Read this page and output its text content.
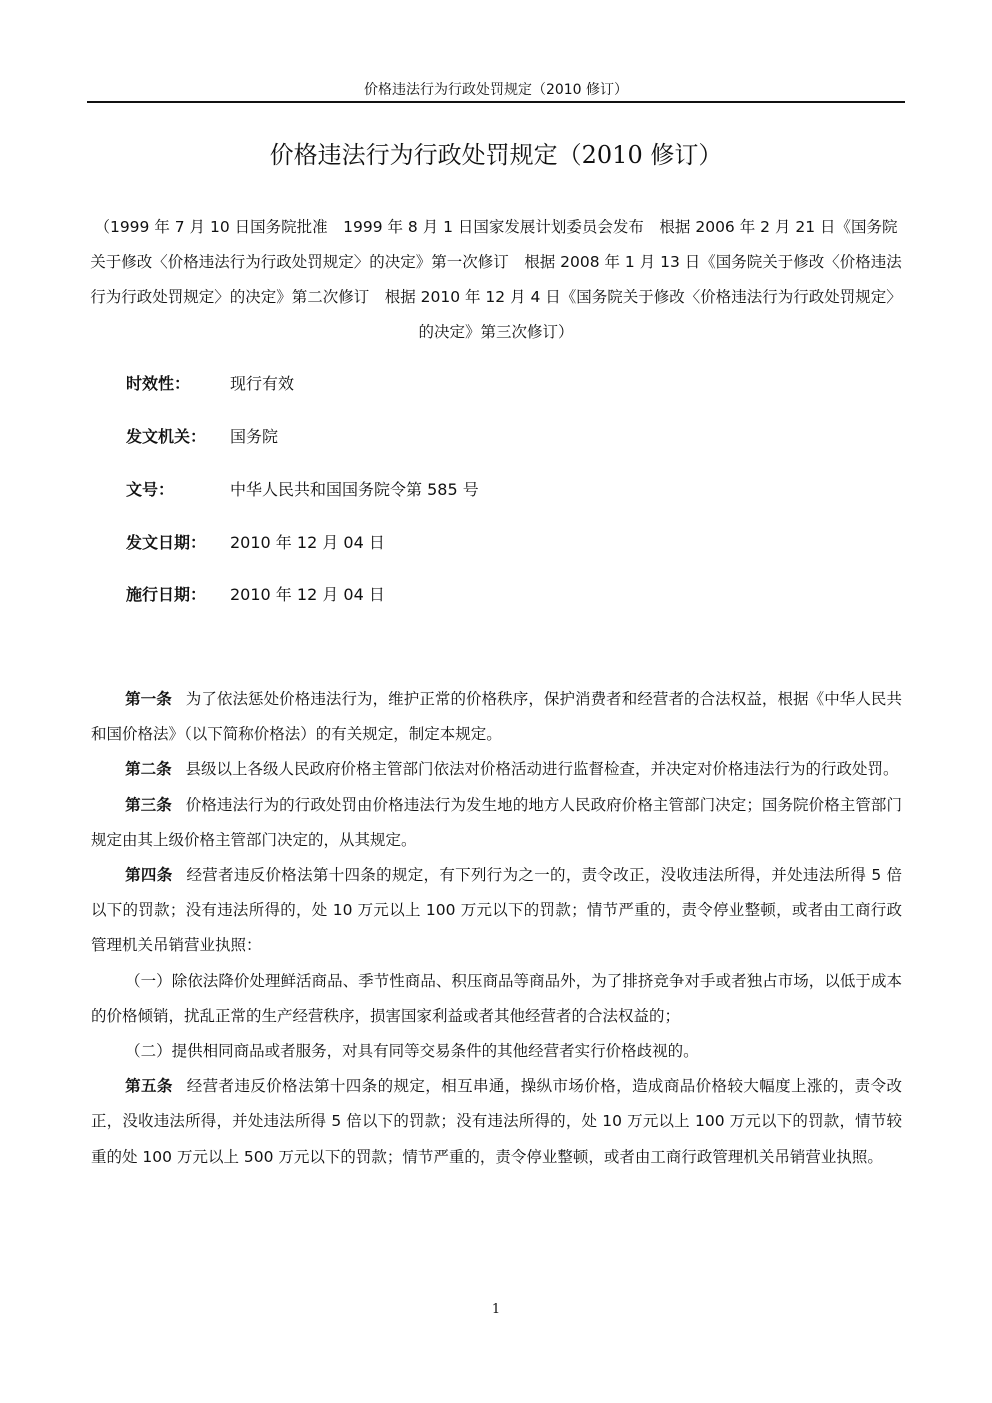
价格违法行为行政处罚规定（2010 修订）
价格违法行为行政处罚规定（2010 修订）
（1999 年 7 月 10 日国务院批准　1999 年 8 月 1 日国家发展计划委员会发布　根据 2006 年 2 月 21 日《国务院关于修改〈价格违法行为行政处罚规定〉的决定》第一次修订　根据 2008 年 1 月 13 日《国务院关于修改〈价格违法行为行政处罚规定〉的决定》第二次修订　根据 2010 年 12 月 4 日《国务院关于修改〈价格违法行为行政处罚规定〉的决定》第三次修订）
时效性： 现行有效
发文机关： 国务院
文号：	中华人民共和国国务院令第 585 号
发文日期： 2010 年 12 月 04 日
施行日期： 2010 年 12 月 04 日

第一条 为了依法惩处价格违法行为，维护正常的价格秩序，保护消费者和经营者的合法权益，根据《中华人民共和国价格法》（以下简称价格法）的有关规定，制定本规定。

第二条 县级以上各级人民政府价格主管部门依法对价格活动进行监督检查，并决定对价格违法行为的行政处罚。

第三条 价格违法行为的行政处罚由价格违法行为发生地的地方人民政府价格主管部门决定；国务院价格主管部门规定由其上级价格主管部门决定的，从其规定。

第四条 经营者违反价格法第十四条的规定，有下列行为之一的，责令改正，没收违法所得，并处违法所得 5 倍以下的罚款；没有违法所得的，处 10 万元以上 100 万元以下的罚款；情节严重的，责令停业整顿，或者由工商行政管理机关吊销营业执照：

（一）除依法降价处理鲜活商品、季节性商品、积压商品等商品外，为了排挤竞争对手或者独占市场，以低于成本的价格倾销，扰乱正常的生产经营秩序，损害国家利益或者其他经营者的合法权益的；

（二）提供相同商品或者服务，对具有同等交易条件的其他经营者实行价格歧视的。

第五条 经营者违反价格法第十四条的规定，相互串通，操纵市场价格，造成商品价格较大幅度上涨的，责令改正，没收违法所得，并处违法所得 5 倍以下的罚款；没有违法所得的，处 10 万元以上 100 万元以下的罚款，情节较重的处 100 万元以上 500 万元以下的罚款；情节严重的，责令停业整顿，或者由工商行政管理机关吊销营业执照。

1
